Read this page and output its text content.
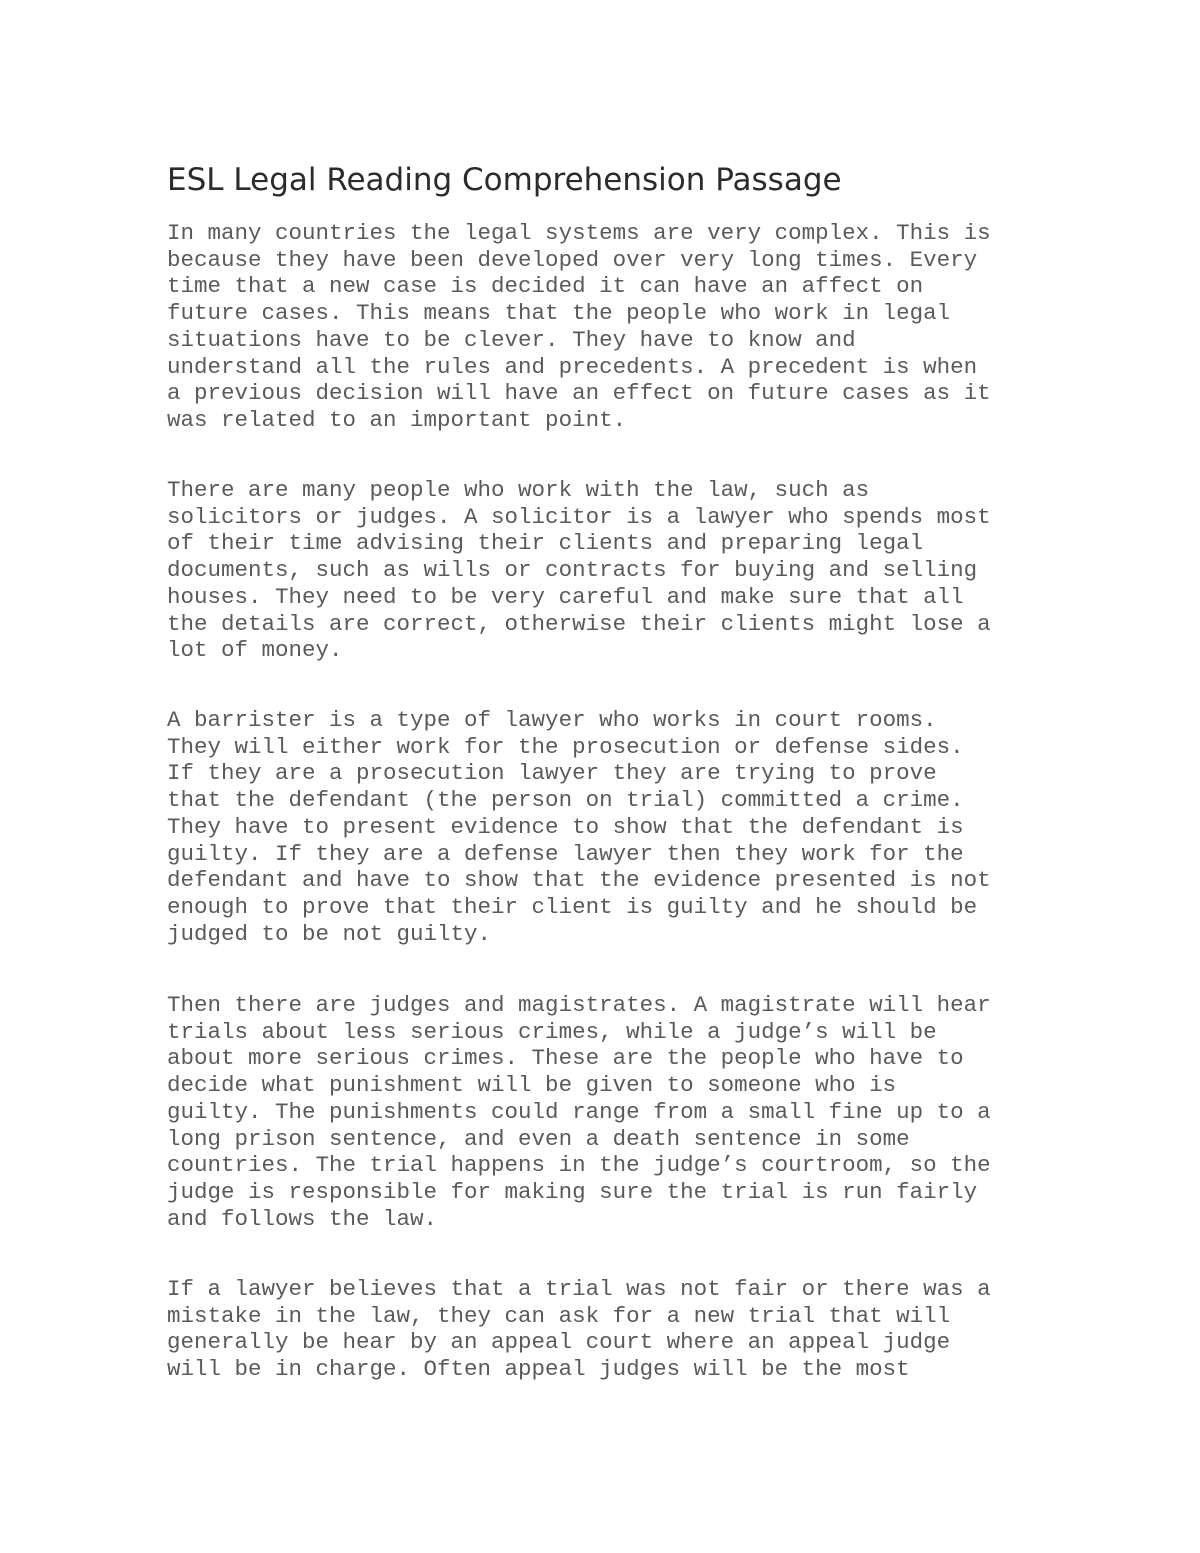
ESL Legal Reading Comprehension Passage

In many countries the legal systems are very complex. This is
because they have been developed over very long times. Every
time that a new case is decided it can have an affect on
future cases. This means that the people who work in legal
situations have to be clever. They have to know and
understand all the rules and precedents. A precedent is when
a previous decision will have an effect on future cases as it
was related to an important point.

There are many people who work with the law, such as
solicitors or judges. A solicitor is a lawyer who spends most
of their time advising their clients and preparing legal
documents, such as wills or contracts for buying and selling
houses. They need to be very careful and make sure that all
the details are correct, otherwise their clients might lose a
lot of money.

A barrister is a type of lawyer who works in court rooms.
They will either work for the prosecution or defense sides.
If they are a prosecution lawyer they are trying to prove
that the defendant (the person on trial) committed a crime.
They have to present evidence to show that the defendant is
guilty. If they are a defense lawyer then they work for the
defendant and have to show that the evidence presented is not
enough to prove that their client is guilty and he should be
judged to be not guilty.

Then there are judges and magistrates. A magistrate will hear
trials about less serious crimes, while a judge’s will be
about more serious crimes. These are the people who have to
decide what punishment will be given to someone who is
guilty. The punishments could range from a small fine up to a
long prison sentence, and even a death sentence in some
countries. The trial happens in the judge’s courtroom, so the
judge is responsible for making sure the trial is run fairly
and follows the law.

If a lawyer believes that a trial was not fair or there was a
mistake in the law, they can ask for a new trial that will
generally be hear by an appeal court where an appeal judge
will be in charge. Often appeal judges will be the most
